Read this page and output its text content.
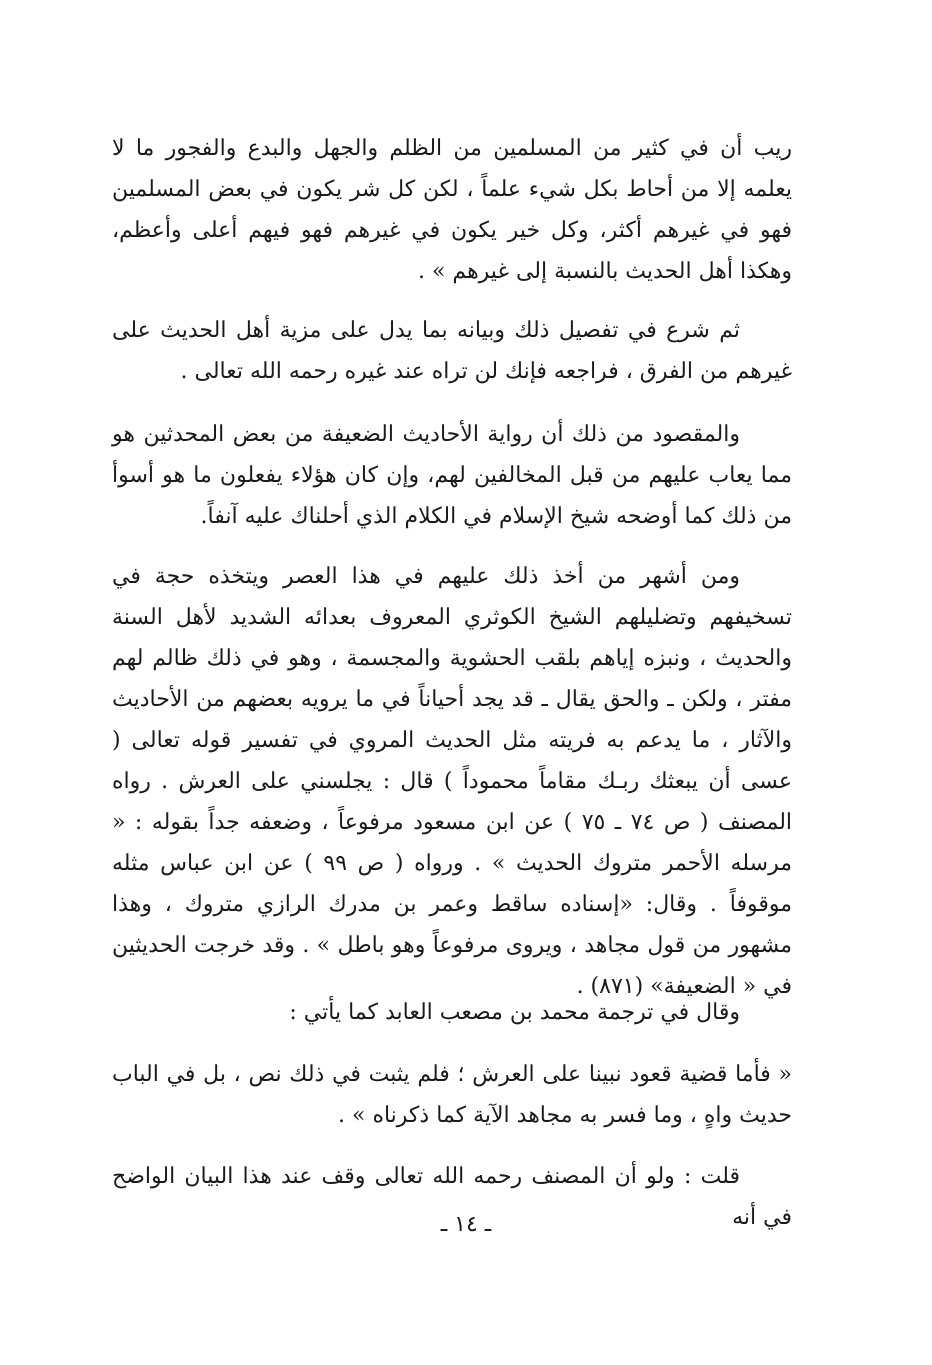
ريب أن في كثير من المسلمين من الظلم والجهل والبدع والفجور ما لا يعلمه إلا من أحاط بكل شيء علماً ، لكن كل شر يكون في بعض المسلمين فهو في غيرهم أكثر، وكل خير يكون في غيرهم فهو فيهم أعلى وأعظم، وهكذا أهل الحديث بالنسبة إلى غيرهم » .

ثم شرع في تفصيل ذلك وبيانه بما يدل على مزية أهل الحديث على غيرهم من الفرق ، فراجعه فإنك لن تراه عند غيره رحمه الله تعالى .

والمقصود من ذلك أن رواية الأحاديث الضعيفة من بعض المحدثين هو مما يعاب عليهم من قبل المخالفين لهم، وإن كان هؤلاء يفعلون ما هو أسوأ من ذلك كما أوضحه شيخ الإسلام في الكلام الذي أحلناك عليه آنفاً.

ومن أشهر من أخذ ذلك عليهم في هذا العصر ويتخذه حجة في تسخيفهم وتضليلهم الشيخ الكوثري المعروف بعدائه الشديد لأهل السنة والحديث ، ونبزه إياهم بلقب الحشوية والمجسمة ، وهو في ذلك ظالم لهم مفتر ، ولكن ـ والحق يقال ـ قد يجد أحياناً في ما يرويه بعضهم من الأحاديث والآثار ، ما يدعم به فريته مثل الحديث المروي في تفسير قوله تعالى ( عسى أن يبعثك ربـك مقاماً محموداً ) قال : يجلسني على العرش . رواه المصنف ( ص ٧٤ ـ ٧٥ ) عن ابن مسعود مرفوعاً ، وضعفه جداً بقوله : « مرسله الأحمر متروك الحديث » . ورواه ( ص ٩٩ ) عن ابن عباس مثله موقوفاً . وقال: «إسناده ساقط وعمر بن مدرك الرازي متروك ، وهذا مشهور من قول مجاهد ، ويروى مرفوعاً وهو باطل » . وقد خرجت الحديثين في « الضعيفة» (٨٧١) .

وقال في ترجمة محمد بن مصعب العابد كما يأتي :

« فأما قضية قعود نبينا على العرش ؛ فلم يثبت في ذلك نص ، بل في الباب حديث واهٍ ، وما فسر به مجاهد الآية كما ذكرناه » .

قلت : ولو أن المصنف رحمه الله تعالى وقف عند هذا البيان الواضح في أنه

ـ ١٤ ـ
